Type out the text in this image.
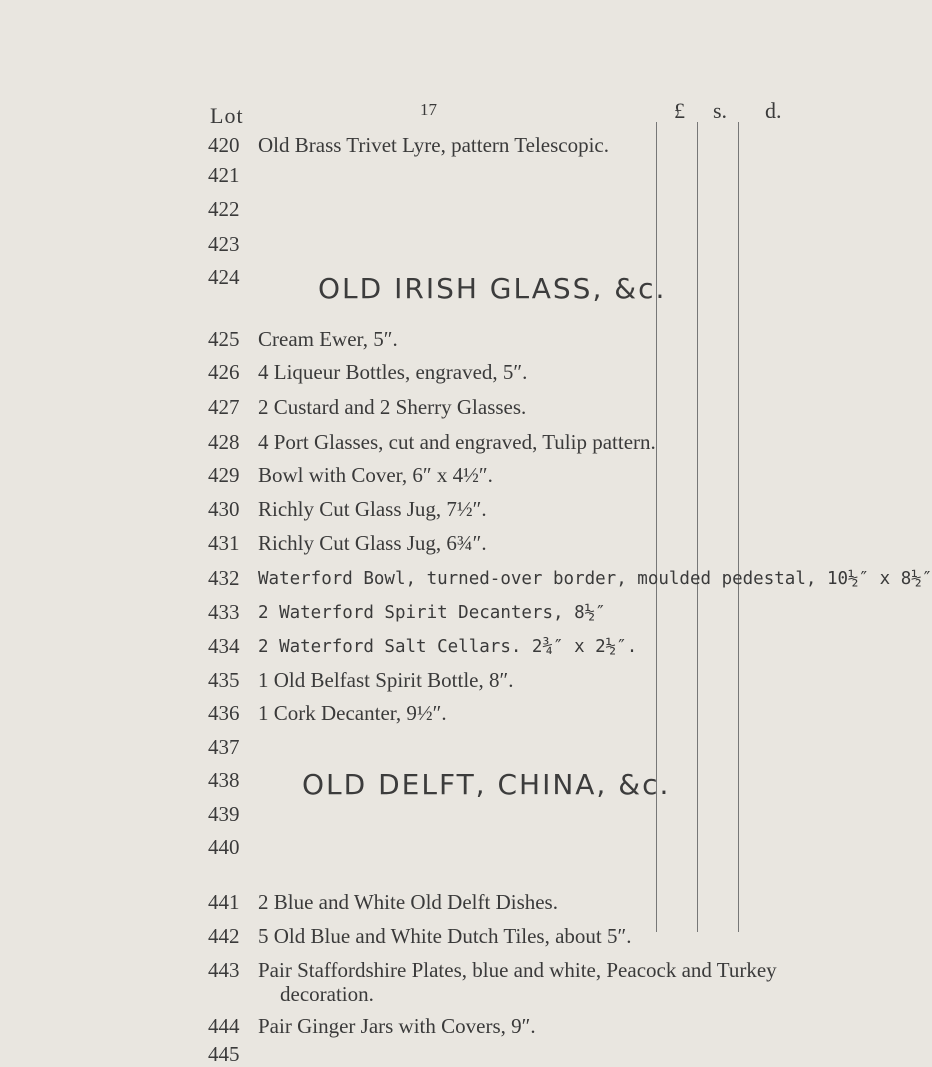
17
Lot	£ s. d.
OLD IRISH GLASS, &c.
OLD DELFT, CHINA, &c.
420 Old Brass Trivet Lyre, pattern Telescopic.
421
422
423
424
425 Cream Ewer, 5″.
426 4 Liqueur Bottles, engraved, 5″.
427 2 Custard and 2 Sherry Glasses.
428 4 Port Glasses, cut and engraved, Tulip pattern.
429 Bowl with Cover, 6″ x 4½″.
430 Richly Cut Glass Jug, 7½″.
431 Richly Cut Glass Jug, 6¾″.
432 Waterford Bowl, turned-over border, moulded pedestal, 10½″ x 8½″
433 2 Waterford Spirit Decanters, 8½″
434 2 Waterford Salt Cellars. 2¾″ x 2½″.
435 1 Old Belfast Spirit Bottle, 8″.
436 1 Cork Decanter, 9½″.
437
438
439
440
441 2 Blue and White Old Delft Dishes.
442 5 Old Blue and White Dutch Tiles, about 5″.
443 Pair Staffordshire Plates, blue and white, Peacock and Turkey
decoration.
444 Pair Ginger Jars with Covers, 9″.
445
